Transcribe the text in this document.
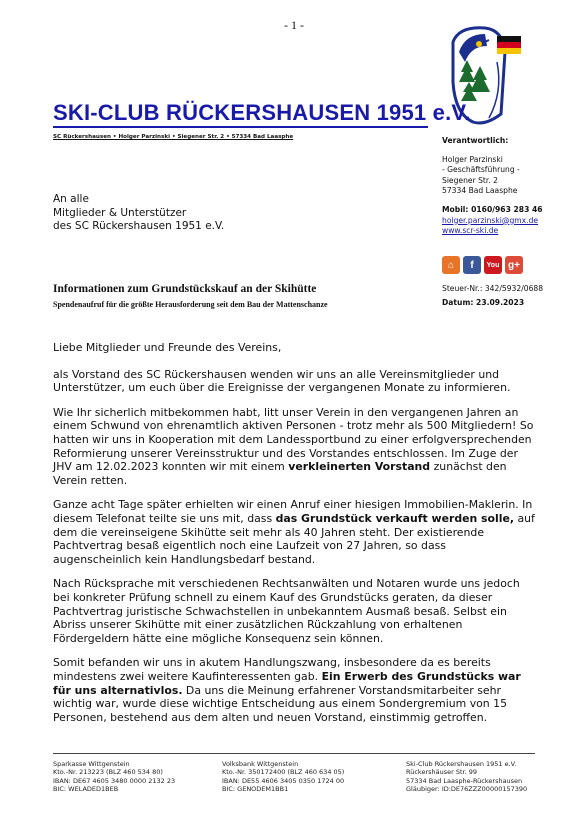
- 1 -
SKI-CLUB RÜCKERSHAUSEN 1951 e.V.
SC Rückershausen • Holger Parzinski • Siegener Str. 2 • 57334 Bad Laasphe
An alle
Mitglieder & Unterstützer
des SC Rückershausen 1951 e.V.
Verantwortlich:
Holger Parzinski
- Geschäftsführung -
Siegener Str. 2
57334 Bad Laasphe
Mobil: 0160/963 283 46
holger.parzinski@gmx.de
www.scr-ski.de
⌂	f	You g+
Steuer-Nr.: 342/5932/0688
Datum: 23.09.2023
Informationen zum Grundstückskauf an der Skihütte
Spendenaufruf für die größte Herausforderung seit dem Bau der Mattenschanze

Liebe Mitglieder und Freunde des Vereins,

als Vorstand des SC Rückershausen wenden wir uns an alle Vereinsmitglieder und Unterstützer, um euch über die Ereignisse der vergangenen Monate zu informieren.

Wie Ihr sicherlich mitbekommen habt, litt unser Verein in den vergangenen Jahren an einem Schwund von ehrenamtlich aktiven Personen - trotz mehr als 500 Mitgliedern! So hatten wir uns in Kooperation mit dem Landessportbund zu einer erfolgversprechenden Reformierung unserer Vereinsstruktur und des Vorstandes entschlossen. Im Zuge der JHV am 12.02.2023 konnten wir mit einem verkleinerten Vorstand zunächst den Verein retten.

Ganze acht Tage später erhielten wir einen Anruf einer hiesigen Immobilien-Maklerin. In diesem Telefonat teilte sie uns mit, dass das Grundstück verkauft werden solle, auf dem die vereinseigene Skihütte seit mehr als 40 Jahren steht. Der existierende Pachtvertrag besaß eigentlich noch eine Laufzeit von 27 Jahren, so dass augenscheinlich kein Handlungsbedarf bestand.

Nach Rücksprache mit verschiedenen Rechtsanwälten und Notaren wurde uns jedoch bei konkreter Prüfung schnell zu einem Kauf des Grundstücks geraten, da dieser Pachtvertrag juristische Schwachstellen in unbekanntem Ausmaß besaß. Selbst ein Abriss unserer Skihütte mit einer zusätzlichen Rückzahlung von erhaltenen Fördergeldern hätte eine mögliche Konsequenz sein können.

Somit befanden wir uns in akutem Handlungszwang, insbesondere da es bereits mindestens zwei weitere Kaufinteressenten gab. Ein Erwerb des Grundstücks war für uns alternativlos. Da uns die Meinung erfahrener Vorstandsmitarbeiter sehr wichtig war, wurde diese wichtige Entscheidung aus einem Sondergremium von 15 Personen, bestehend aus dem alten und neuen Vorstand, einstimmig getroffen.

Sparkasse Wittgenstein
Kto.-Nr. 213223 (BLZ 460 534 80)
IBAN: DE67 4605 3480 0000 2132 23
BIC: WELADED1BEB
Volksbank Wittgenstein
Kto.-Nr. 350172400 (BLZ 460 634 05)
IBAN: DE55 4606 3405 0350 1724 00
BIC: GENODEM1BB1
Ski-Club Rückershausen 1951 e.V.
Rückershäuser Str. 99
57334 Bad Laasphe-Rückershausen
Gläubiger: ID:DE76ZZZ00000157390
